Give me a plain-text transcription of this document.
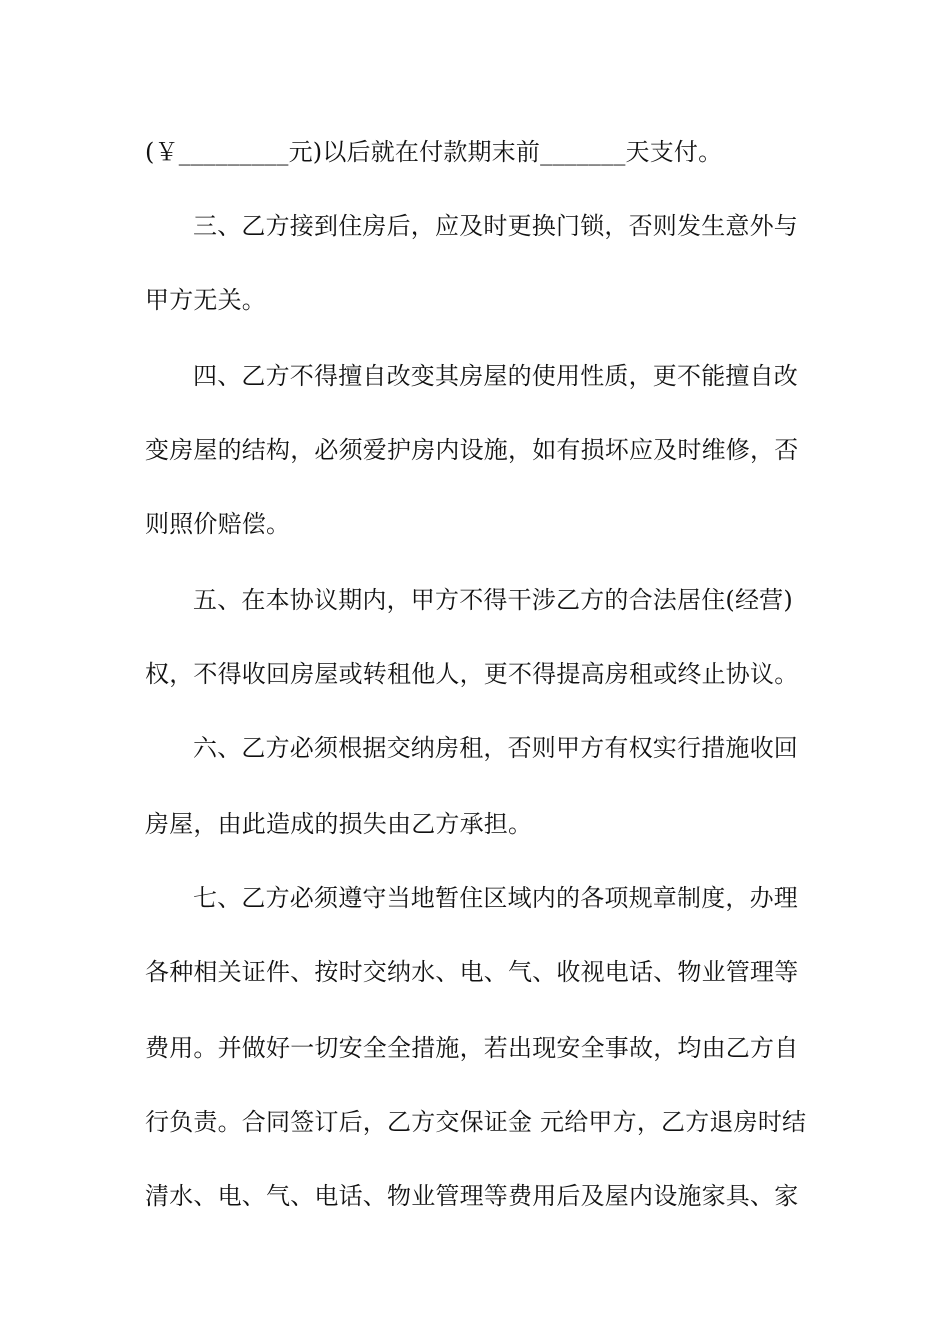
(￥_________元)以后就在付款期末前_______天支付。
三、乙方接到住房后，应及时更换门锁，否则发生意外与
甲方无关。
四、乙方不得擅自改变其房屋的使用性质，更不能擅自改
变房屋的结构，必须爱护房内设施，如有损坏应及时维修，否
则照价赔偿。
五、在本协议期内，甲方不得干涉乙方的合法居住(经营)
权，不得收回房屋或转租他人，更不得提高房租或终止协议。
六、乙方必须根据交纳房租，否则甲方有权实行措施收回
房屋，由此造成的损失由乙方承担。
七、乙方必须遵守当地暂住区域内的各项规章制度，办理
各种相关证件、按时交纳水、电、气、收视电话、物业管理等
费用。并做好一切安全全措施，若出现安全事故，均由乙方自
行负责。合同签订后，乙方交保证金 元给甲方，乙方退房时结
清水、电、气、电话、物业管理等费用后及屋内设施家具、家
